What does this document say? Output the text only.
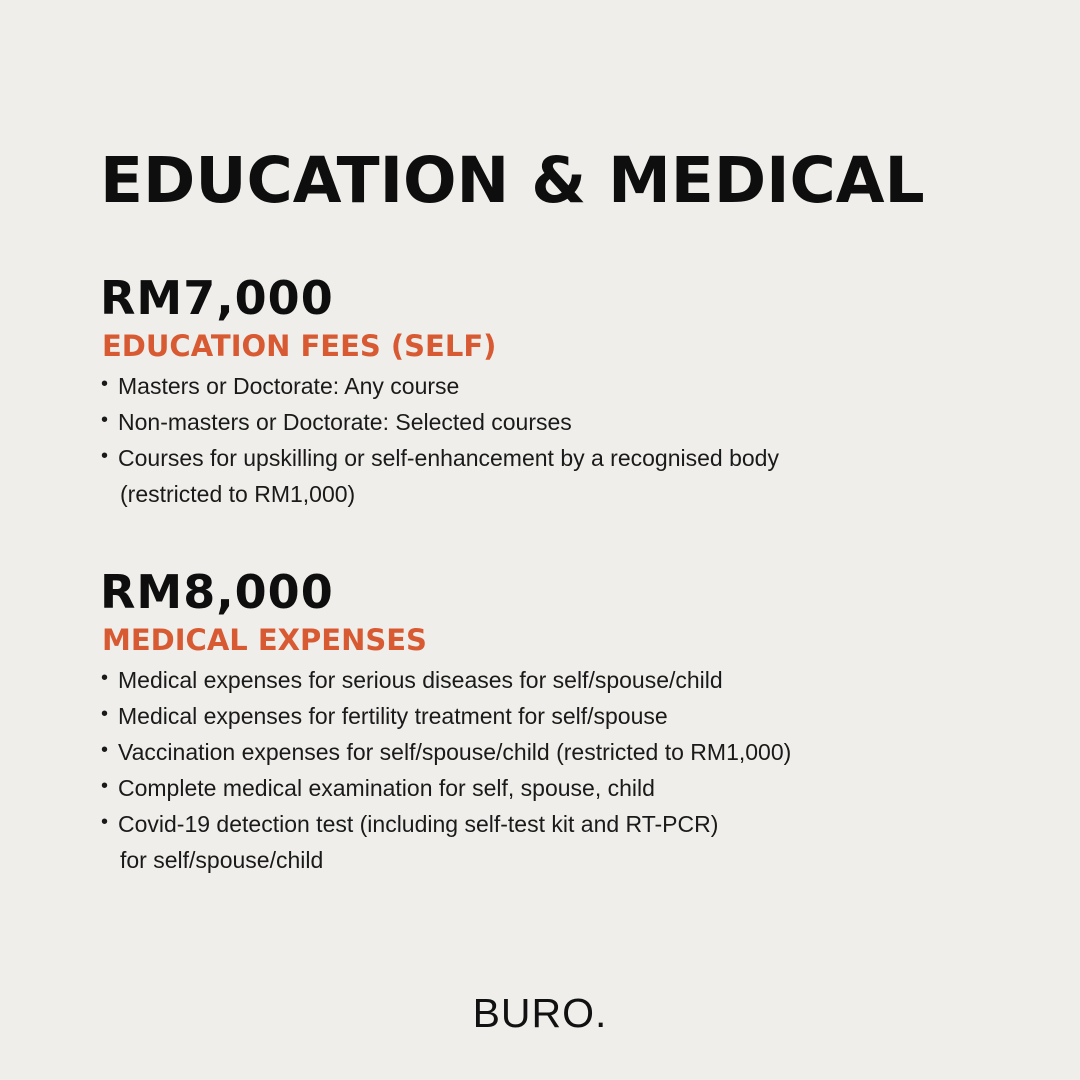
EDUCATION & MEDICAL
RM7,000
EDUCATION FEES (SELF)
• Masters or Doctorate: Any course
• Non-masters or Doctorate: Selected courses
• Courses for upskilling or self-enhancement by a recognised body
(restricted to RM1,000)
RM8,000
MEDICAL EXPENSES
• Medical expenses for serious diseases for self/spouse/child
• Medical expenses for fertility treatment for self/spouse
• Vaccination expenses for self/spouse/child (restricted to RM1,000)
• Complete medical examination for self, spouse, child
• Covid-19 detection test (including self-test kit and RT-PCR)
for self/spouse/child
BURO.
